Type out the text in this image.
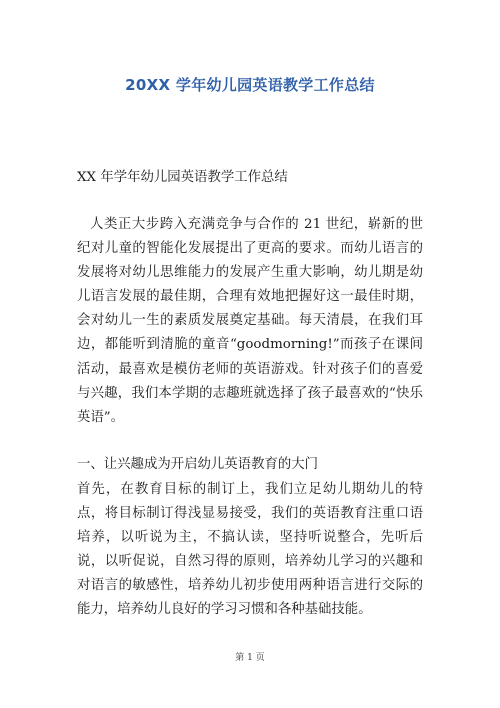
20XX 学年幼儿园英语教学工作总结

XX 年学年幼儿园英语教学工作总结

人类正大步跨入充满竞争与合作的 21 世纪，崭新的世纪对儿童的智能化发展提出了更高的要求。而幼儿语言的发展将对幼儿思维能力的发展产生重大影响，幼儿期是幼儿语言发展的最佳期，合理有效地把握好这一最佳时期，会对幼儿一生的素质发展奠定基础。每天清晨，在我们耳边，都能听到清脆的童音“goodmorning!”而孩子在课间活动，最喜欢是模仿老师的英语游戏。针对孩子们的喜爱与兴趣，我们本学期的志趣班就选择了孩子最喜欢的“快乐英语”。

一、让兴趣成为开启幼儿英语教育的大门

首先，在教育目标的制订上，我们立足幼儿期幼儿的特点，将目标制订得浅显易接受，我们的英语教育注重口语培养，以听说为主，不搞认读，坚持听说整合，先听后说，以听促说，自然习得的原则，培养幼儿学习的兴趣和对语言的敏感性，培养幼儿初步使用两种语言进行交际的能力，培养幼儿良好的学习习惯和各种基础技能。

第 1 页
